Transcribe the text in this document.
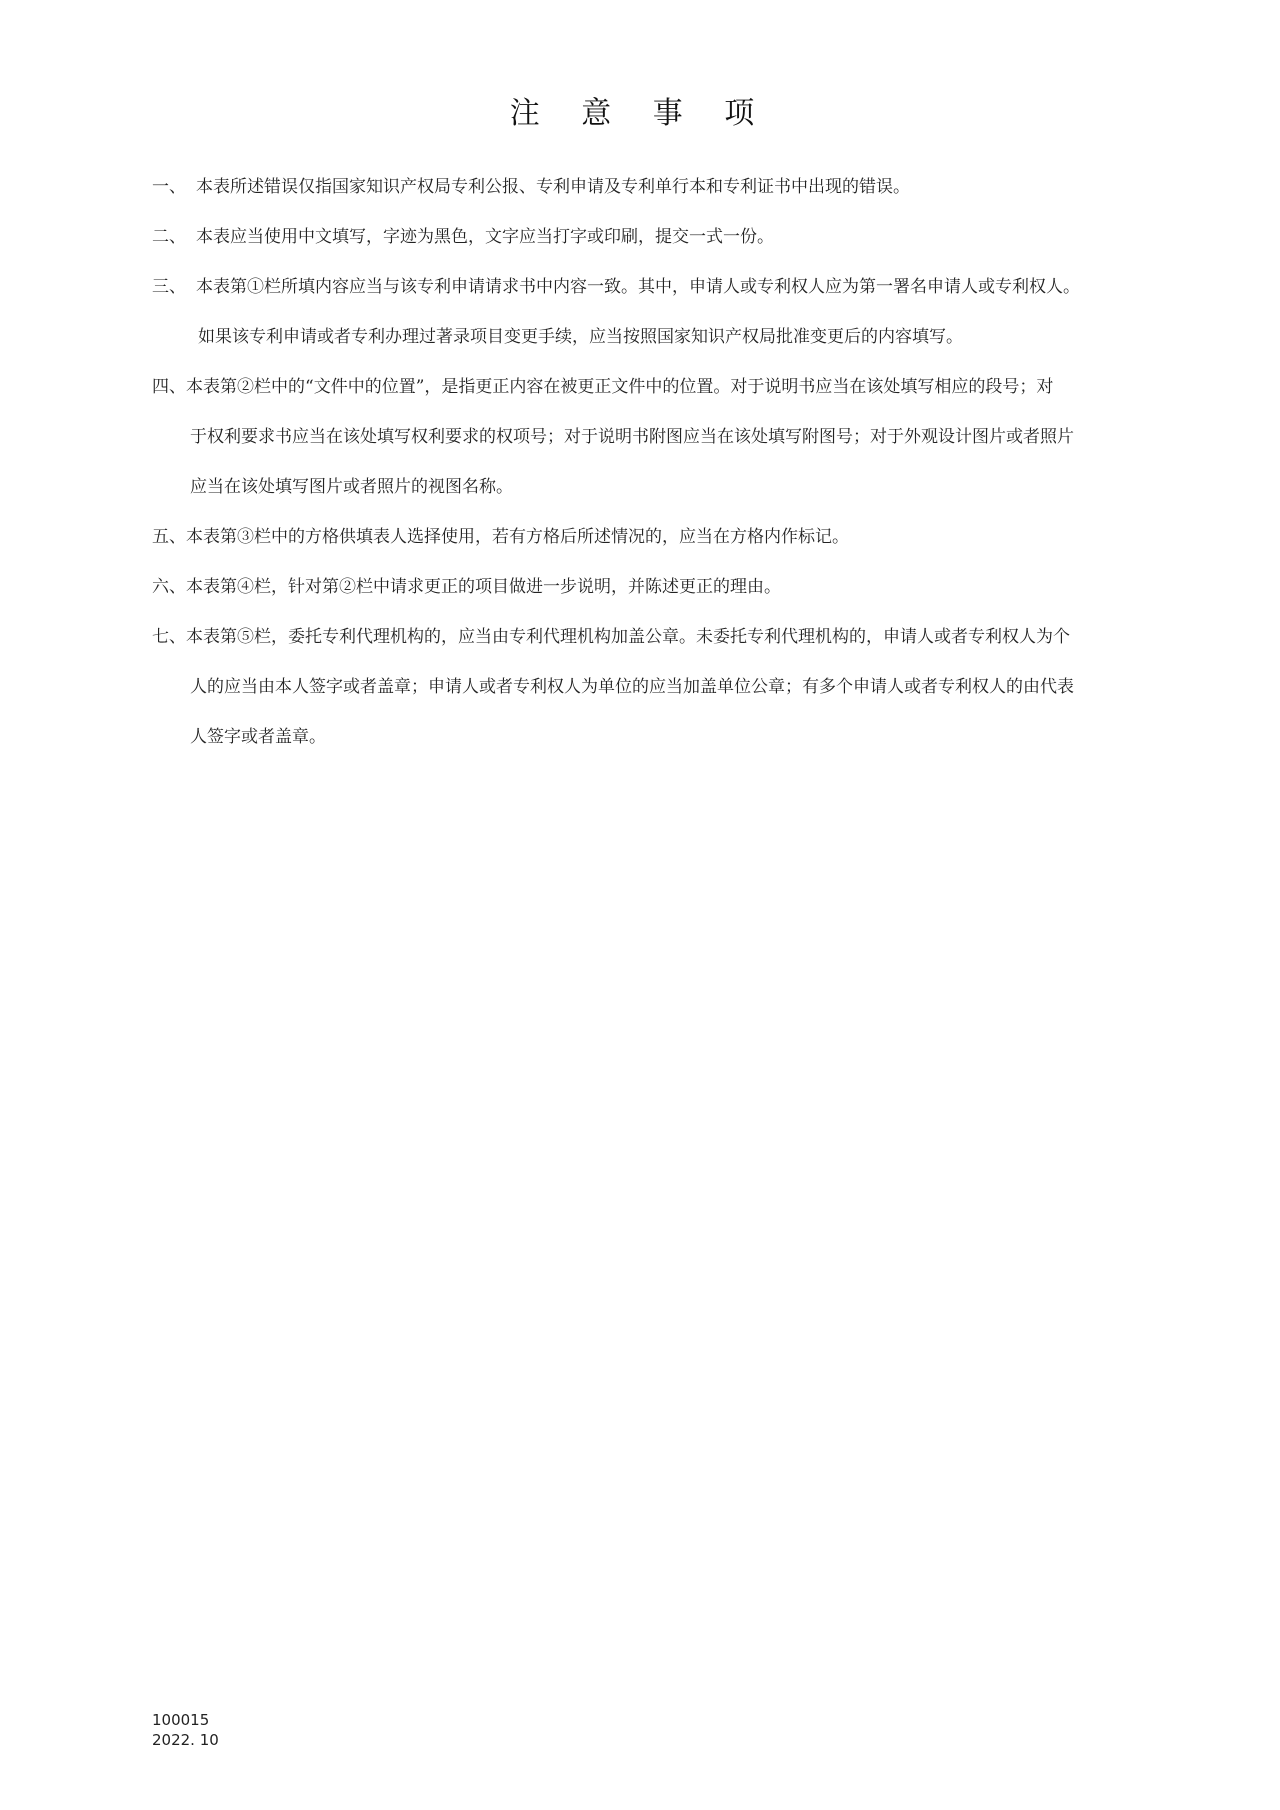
注 意 事 项
一、 本表所述错误仅指国家知识产权局专利公报、专利申请及专利单行本和专利证书中出现的错误。
二、 本表应当使用中文填写，字迹为黑色，文字应当打字或印刷，提交一式一份。
三、 本表第①栏所填内容应当与该专利申请请求书中内容一致。其中，申请人或专利权人应为第一署名申请人或专利权人。
如果该专利申请或者专利办理过著录项目变更手续，应当按照国家知识产权局批准变更后的内容填写。
四、本表第②栏中的“文件中的位置”，是指更正内容在被更正文件中的位置。对于说明书应当在该处填写相应的段号；对
于权利要求书应当在该处填写权利要求的权项号；对于说明书附图应当在该处填写附图号；对于外观设计图片或者照片
应当在该处填写图片或者照片的视图名称。
五、本表第③栏中的方格供填表人选择使用，若有方格后所述情况的，应当在方格内作标记。
六、本表第④栏，针对第②栏中请求更正的项目做进一步说明，并陈述更正的理由。
七、本表第⑤栏，委托专利代理机构的，应当由专利代理机构加盖公章。未委托专利代理机构的，申请人或者专利权人为个
人的应当由本人签字或者盖章；申请人或者专利权人为单位的应当加盖单位公章；有多个申请人或者专利权人的由代表
人签字或者盖章。
100015
2022. 10
